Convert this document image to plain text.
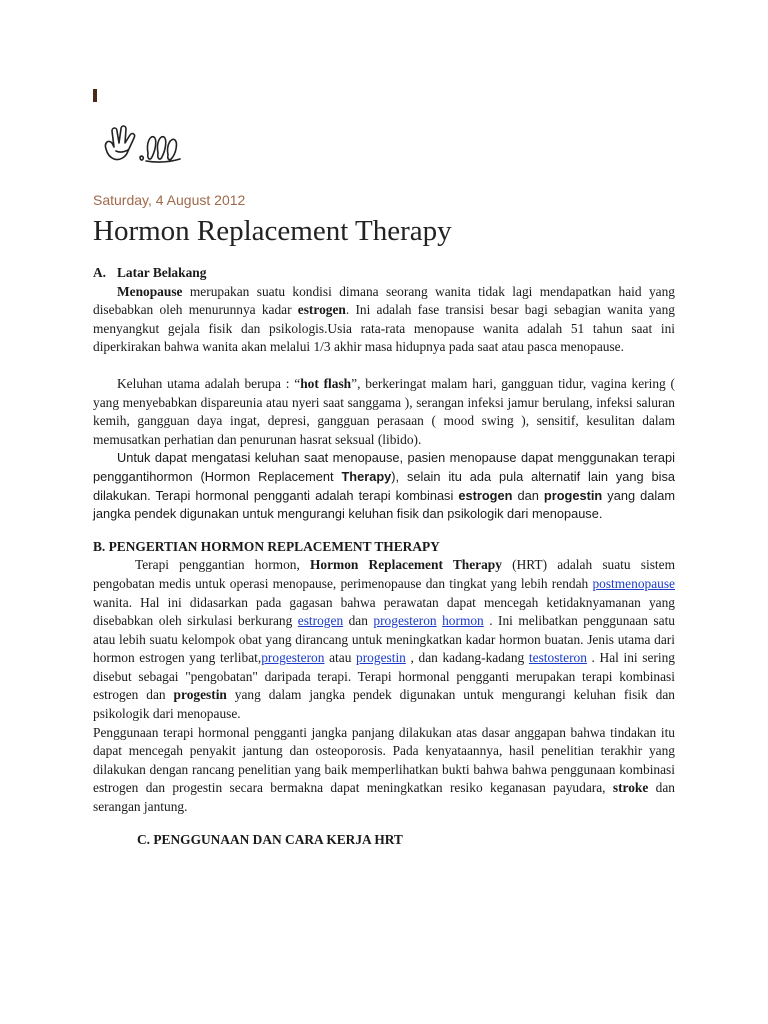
Saturday, 4 August 2012
Hormon Replacement Therapy

A. Latar Belakang

Menopause merupakan suatu kondisi dimana seorang wanita tidak lagi mendapatkan haid yang disebabkan oleh menurunnya kadar estrogen. Ini adalah fase transisi besar bagi sebagian wanita yang menyangkut gejala fisik dan psikologis.Usia rata-rata menopause wanita adalah 51 tahun saat ini diperkirakan bahwa wanita akan melalui 1/3 akhir masa hidupnya pada saat atau pasca menopause.

Keluhan utama adalah berupa : “hot flash”, berkeringat malam hari, gangguan tidur, vagina kering ( yang menyebabkan dispareunia atau nyeri saat sanggama ), serangan infeksi jamur berulang, infeksi saluran kemih, gangguan daya ingat, depresi, gangguan perasaan ( mood swing ), sensitif, kesulitan dalam memusatkan perhatian dan penurunan hasrat seksual (libido).

Untuk dapat mengatasi keluhan saat menopause, pasien menopause dapat menggunakan terapi penggantihormon (Hormon Replacement Therapy), selain itu ada pula alternatif lain yang bisa dilakukan. Terapi hormonal pengganti adalah terapi kombinasi estrogen dan progestin yang dalam jangka pendek digunakan untuk mengurangi keluhan fisik dan psikologik dari menopause.

B. PENGERTIAN HORMON REPLACEMENT THERAPY

Terapi penggantian hormon, Hormon Replacement Therapy (HRT) adalah suatu sistem pengobatan medis untuk operasi menopause, perimenopause dan tingkat yang lebih rendah postmenopause wanita. Hal ini didasarkan pada gagasan bahwa perawatan dapat mencegah ketidaknyamanan yang disebabkan oleh sirkulasi berkurang estrogen dan progesteron hormon . Ini melibatkan penggunaan satu atau lebih suatu kelompok obat yang dirancang untuk meningkatkan kadar hormon buatan. Jenis utama dari hormon estrogen yang terlibat,progesteron atau progestin , dan kadang-kadang testosteron . Hal ini sering disebut sebagai "pengobatan" daripada terapi. Terapi hormonal pengganti merupakan terapi kombinasi estrogen dan progestin yang dalam jangka pendek digunakan untuk mengurangi keluhan fisik dan psikologik dari menopause.

Penggunaan terapi hormonal pengganti jangka panjang dilakukan atas dasar anggapan bahwa tindakan itu dapat mencegah penyakit jantung dan osteoporosis. Pada kenyataannya, hasil penelitian terakhir yang dilakukan dengan rancang penelitian yang baik memperlihatkan bukti bahwa bahwa penggunaan kombinasi estrogen dan progestin secara bermakna dapat meningkatkan resiko keganasan payudara, stroke dan serangan jantung.

C. PENGGUNAAN DAN CARA KERJA HRT
